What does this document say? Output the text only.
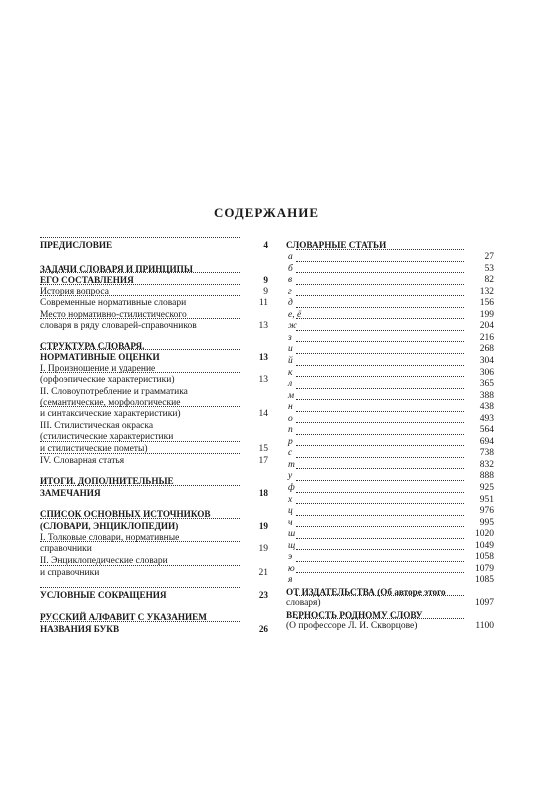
СОДЕРЖАНИЕ
ПРЕДИСЛОВИЕ	4
ЗАДАЧИ СЛОВАРЯ И ПРИНЦИПЫ
ЕГО СОСТАВЛЕНИЯ	9
История вопроса	9
Современные нормативные словари	11
Место нормативно-стилистического
словаря в ряду словарей-справочников	13
СТРУКТУРА СЛОВАРЯ.
НОРМАТИВНЫЕ ОЦЕНКИ	13
I. Произношение и ударение
(орфоэпические характеристики)	13
II. Словоупотребление и грамматика
(семантические, морфологические
и синтаксические характеристики)	14
III. Стилистическая окраска
(стилистические характеристики
и стилистические пометы)	15
IV. Словарная статья	17
ИТОГИ. ДОПОЛНИТЕЛЬНЫЕ
ЗАМЕЧАНИЯ	18
СПИСОК ОСНОВНЫХ ИСТОЧНИКОВ
(СЛОВАРИ, ЭНЦИКЛОПЕДИИ)	19
I. Толковые словари, нормативные
справочники	19
II. Энциклопедические словари
и справочники	21
УСЛОВНЫЕ СОКРАЩЕНИЯ	23
РУССКИЙ АЛФАВИТ С УКАЗАНИЕМ
НАЗВАНИЯ БУКВ	26
СЛОВАРНЫЕ СТАТЬИ
а	27
б	53
в	82
г	132
д	156
е, ё	199
ж	204
з	216
и	268
й	304
к	306
л	365
м	388
н	438
о	493
п	564
р	694
с	738
т	832
у	888
ф	925
х	951
ц	976
ч	995
ш	1020
щ	1049
э	1058
ю	1079
я	1085
ОТ ИЗДАТЕЛЬСТВА (Об авторе этого
словаря)	1097
ВЕРНОСТЬ РОДНОМУ СЛОВУ
(О профессоре Л. И. Скворцове)	1100
